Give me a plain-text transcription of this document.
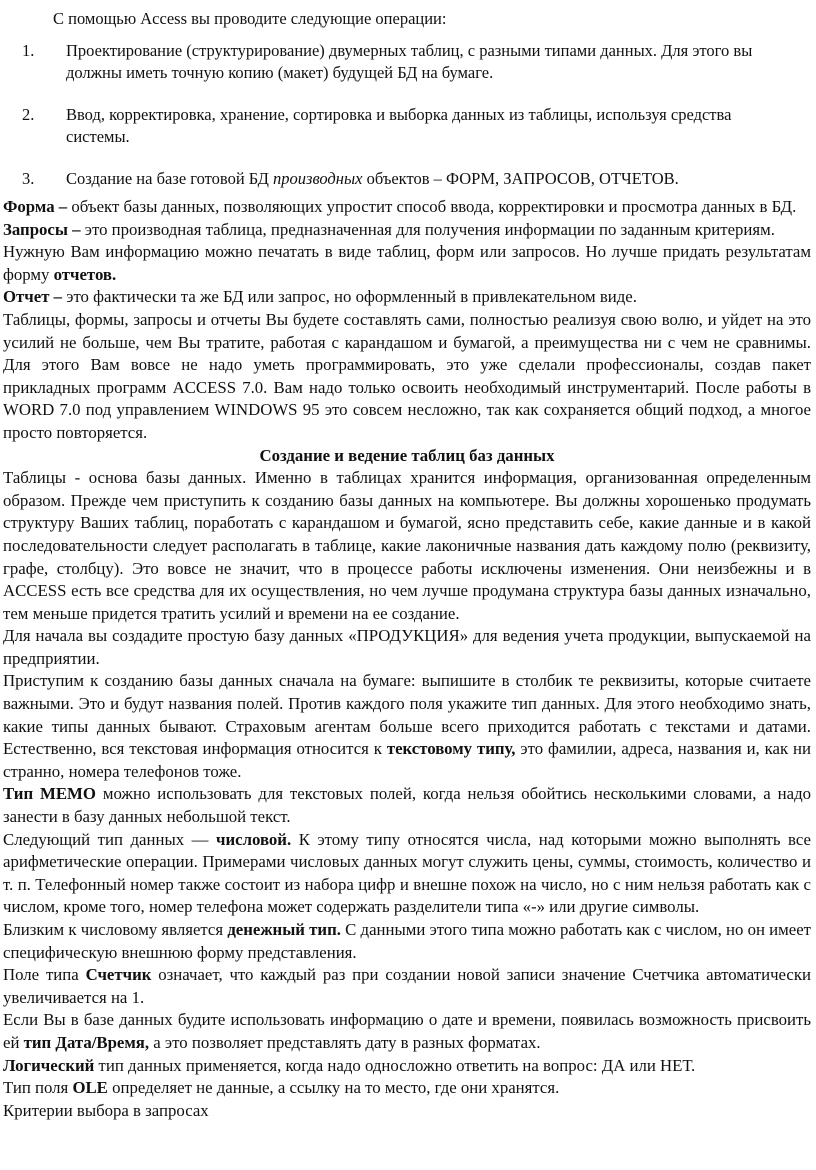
С помощью Access вы проводите следующие операции:
1. Проектирование (структурирование) двумерных таблиц, с разными типами данных. Для этого вы должны иметь точную копию (макет) будущей БД на бумаге.
2. Ввод, корректировка, хранение, сортировка и выборка данных из таблицы, используя средства системы.
3. Создание на базе готовой БД производных объектов – ФОРМ, ЗАПРОСОВ, ОТЧЕТОВ.

Форма – объект базы данных, позволяющих упростит способ ввода, корректировки и просмотра данных в БД.

Запросы – это производная таблица, предназначенная для получения информации по заданным критериям.

Нужную Вам информацию можно печатать в виде таблиц, форм или запросов. Но лучше придать результатам форму отчетов.

Отчет – это фактически та же БД или запрос, но оформленный в привлекательном виде.

Таблицы, формы, запросы и отчеты Вы будете составлять сами, полностью реализуя свою волю, и уйдет на это усилий не больше, чем Вы тратите, работая с карандашом и бумагой, а преимущества ни с чем не сравнимы. Для этого Вам вовсе не надо уметь программировать, это уже сделали профессионалы, создав пакет прикладных программ ACCESS 7.0. Вам надо только освоить необходимый инструментарий. После работы в WORD 7.0 под управлением WINDOWS 95 это совсем несложно, так как сохраняется общий подход, а многое просто повторяется.

Создание и ведение таблиц баз данных

Таблицы - основа базы данных. Именно в таблицах хранится информация, организованная определенным образом. Прежде чем приступить к созданию базы данных на компьютере. Вы должны хорошенько продумать структуру Ваших таблиц, поработать с карандашом и бумагой, ясно представить себе, какие данные и в какой последовательности следует располагать в таблице, какие лаконичные названия дать каждому полю (реквизиту, графе, столбцу). Это вовсе не значит, что в процессе работы исключены изменения. Они неизбежны и в ACCESS есть все средства для их осуществления, но чем лучше продумана структура базы данных изначально, тем меньше придется тратить усилий и времени на ее создание.

Для начала вы создадите простую базу данных «ПРОДУКЦИЯ» для ведения учета продукции, выпускаемой на предприятии.

Приступим к созданию базы данных сначала на бумаге: выпишите в столбик те реквизиты, которые считаете важными. Это и будут названия полей. Против каждого поля укажите тип данных. Для этого необходимо знать, какие типы данных бывают. Страховым агентам больше всего приходится работать с текстами и датами. Естественно, вся текстовая информация относится к текстовому типу, это фамилии, адреса, названия и, как ни странно, номера телефонов тоже.

Тип МЕМО можно использовать для текстовых полей, когда нельзя обойтись несколькими словами, а надо занести в базу данных небольшой текст.

Следующий тип данных — числовой. К этому типу относятся числа, над которыми можно выполнять все арифметические операции. Примерами числовых данных могут служить цены, суммы, стоимость, количество и т. п. Телефонный номер также состоит из набора цифр и внешне похож на число, но с ним нельзя работать как с числом, кроме того, номер телефона может содержать разделители типа «-» или другие символы.

Близким к числовому является денежный тип. С данными этого типа можно работать как с числом, но он имеет специфическую внешнюю форму представления.

Поле типа Счетчик означает, что каждый раз при создании новой записи значение Счетчика автоматически увеличивается на 1.

Если Вы в базе данных будите использовать информацию о дате и времени, появилась возможность присвоить ей тип Дата/Время, а это позволяет представлять дату в разных форматах.

Логический тип данных применяется, когда надо односложно ответить на вопрос: ДА или НЕТ.

Тип поля OLE определяет не данные, а ссылку на то место, где они хранятся.

Критерии выбора в запросах
